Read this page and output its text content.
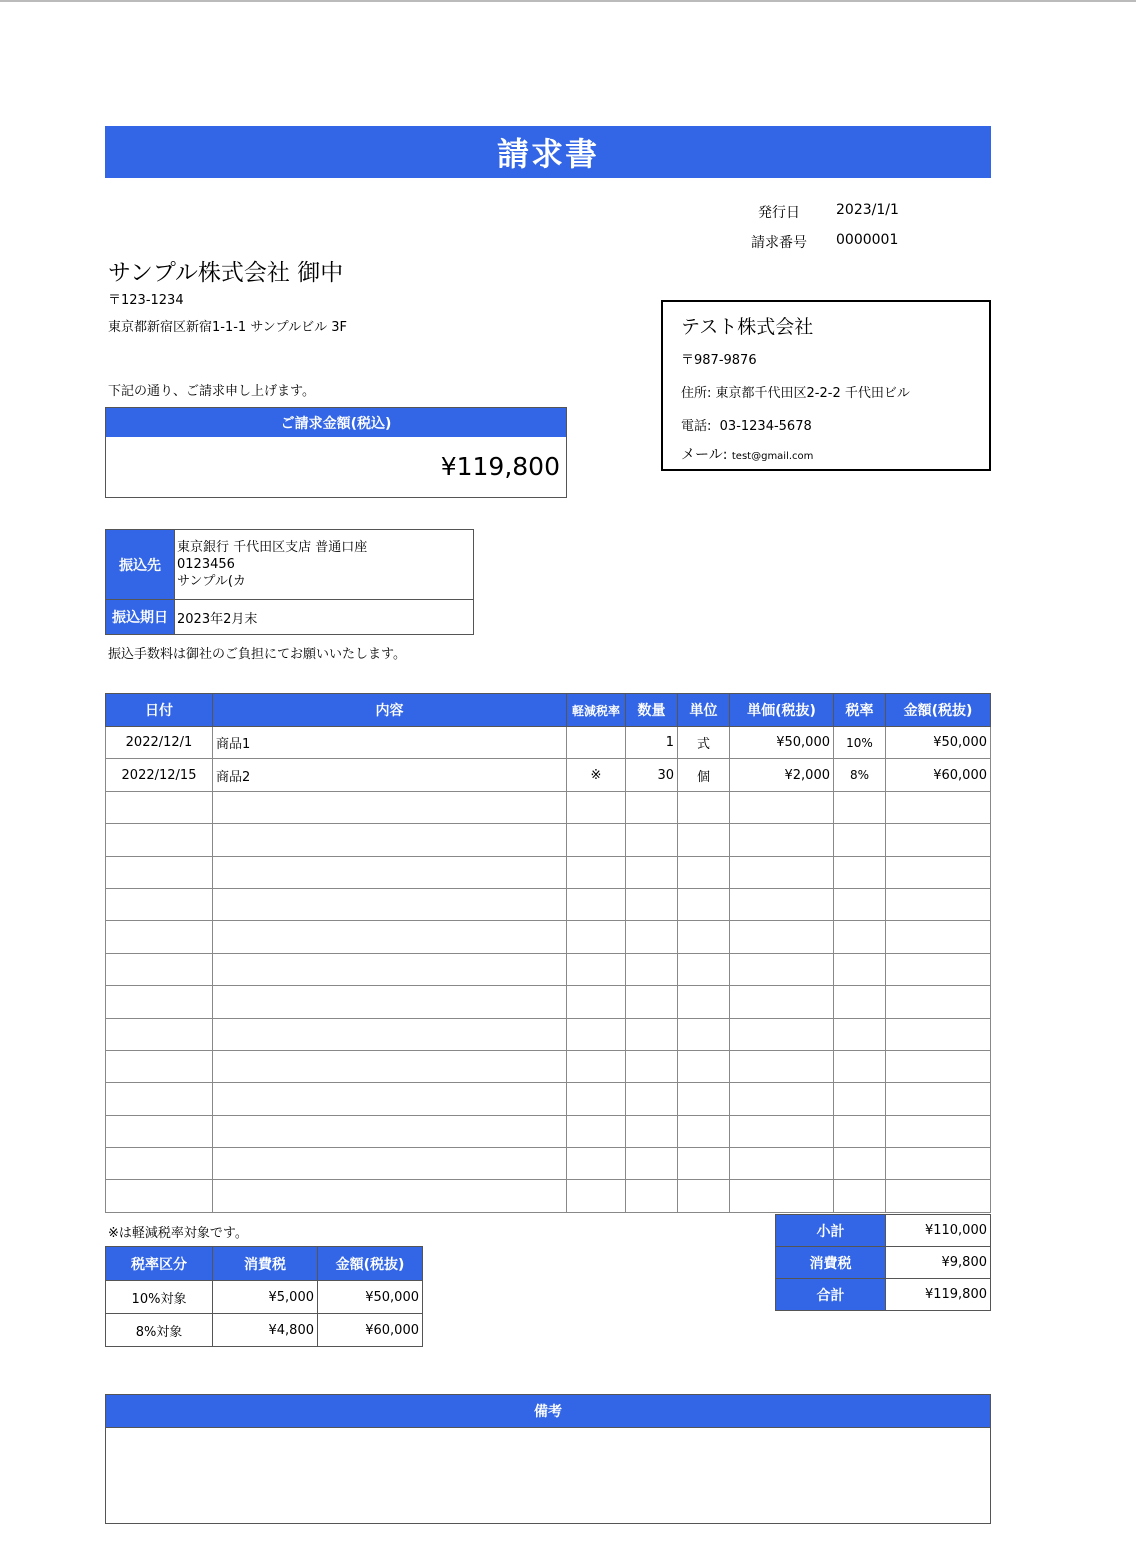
請求書
発行日	2023/1/1
請求番号 0000001
サンプル株式会社 御中
〒123-1234
東京都新宿区新宿1-1-1 サンプルビル 3F
下記の通り、ご請求申し上げます。
ご請求金額(税込)
¥119,800
テスト株式会社
〒987-9876
住所: 東京都千代田区2-2-2 千代田ビル
電話: 03-1234-5678
メール: test@gmail.com
振込先	東京銀行 千代田区支店 普通口座
0123456
サンプル(カ

振込期日	2023年2月末
振込手数料は御社のご負担にてお願いいたします。
日付	内容	軽減税率	数量	単位	単価(税抜)	税率	金額(税抜)
2022/12/1	商品1		1	式	¥50,000	10%	¥50,000
2022/12/15	商品2	※	30	個	¥2,000	8%	¥60,000

※は軽減税率対象です。
税率区分	消費税	金額(税抜)
10%対象	¥5,000	¥50,000
8%対象	¥4,800	¥60,000
小計	¥110,000
消費税	¥9,800
合計	¥119,800
備考
